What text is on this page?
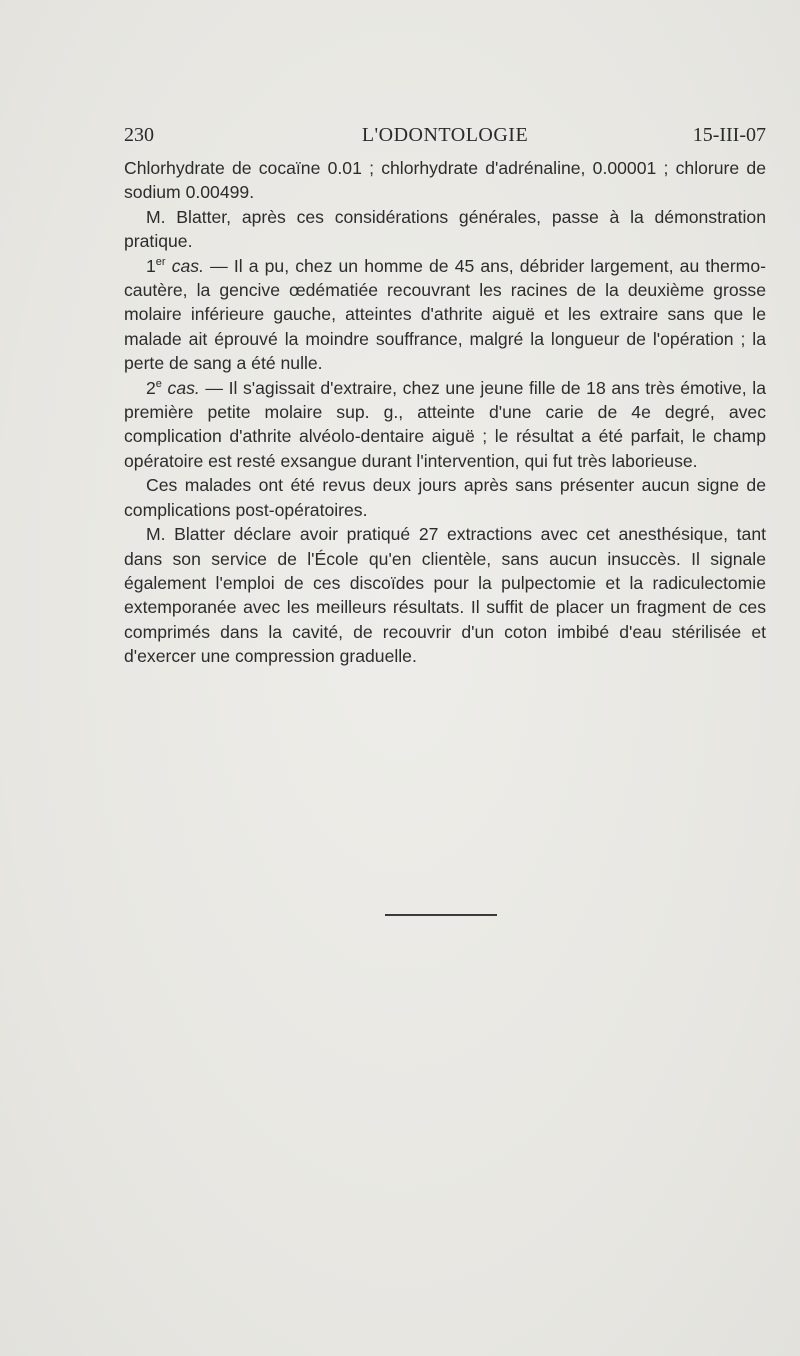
230	L'ODONTOLOGIE	15-III-07

Chlorhydrate de cocaïne 0.01 ; chlorhydrate d'adrénaline, 0.00001 ; chlorure de sodium 0.00499.

M. Blatter, après ces considérations générales, passe à la démonstration pratique.

1er cas. — Il a pu, chez un homme de 45 ans, débrider largement, au thermo-cautère, la gencive œdématiée recouvrant les racines de la deuxième grosse molaire inférieure gauche, atteintes d'athrite aiguë et les extraire sans que le malade ait éprouvé la moindre souffrance, malgré la longueur de l'opération ; la perte de sang a été nulle.

2e cas. — Il s'agissait d'extraire, chez une jeune fille de 18 ans très émotive, la première petite molaire sup. g., atteinte d'une carie de 4e degré, avec complication d'athrite alvéolo-dentaire aiguë ; le résultat a été parfait, le champ opératoire est resté exsangue durant l'intervention, qui fut très laborieuse.

Ces malades ont été revus deux jours après sans présenter aucun signe de complications post-opératoires.

M. Blatter déclare avoir pratiqué 27 extractions avec cet anesthésique, tant dans son service de l'École qu'en clientèle, sans aucun insuccès. Il signale également l'emploi de ces discoïdes pour la pulpectomie et la radiculectomie extemporanée avec les meilleurs résultats. Il suffit de placer un fragment de ces comprimés dans la cavité, de recouvrir d'un coton imbibé d'eau stérilisée et d'exercer une compression graduelle.
